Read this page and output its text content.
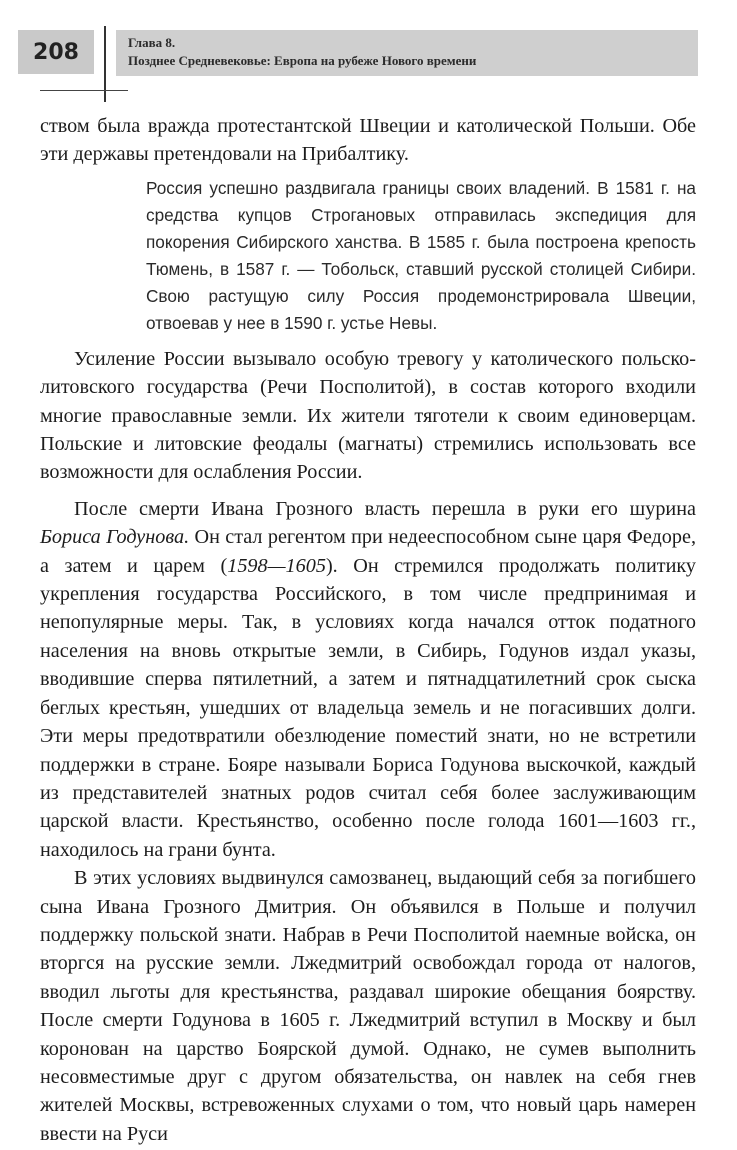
208	Глава 8.
Позднее Средневековье: Европа на рубеже Нового времени

ством была вражда протестантской Швеции и католической Польши. Обе эти державы претендовали на Прибалтику.

Россия успешно раздвигала границы своих владений. В 1581 г. на средства купцов Строгановых отправилась экспедиция для покорения Сибирского ханства. В 1585 г. была построена крепость Тюмень, в 1587 г. — Тобольск, ставший русской столицей Сибири. Свою растущую силу Россия продемонстрировала Швеции, отвоевав у нее в 1590 г. устье Невы.

Усиление России вызывало особую тревогу у католического польско-литовского государства (Речи Посполитой), в состав которого входили многие православные земли. Их жители тяготели к своим единоверцам. Польские и литовские феодалы (магнаты) стремились использовать все возможности для ослабления России.

После смерти Ивана Грозного власть перешла в руки его шурина Бориса Годунова. Он стал регентом при недееспособном сыне царя Федоре, а затем и царем (1598—1605). Он стремился продолжать политику укрепления государства Российского, в том числе предпринимая и непопулярные меры. Так, в условиях когда начался отток податного населения на вновь открытые земли, в Сибирь, Годунов издал указы, вводившие сперва пятилетний, а затем и пятнадцатилетний срок сыска беглых крестьян, ушедших от владельца земель и не погасивших долги. Эти меры предотвратили обезлюдение поместий знати, но не встретили поддержки в стране. Бояре называли Бориса Годунова выскочкой, каждый из представителей знатных родов считал себя более заслуживающим царской власти. Крестьянство, особенно после голода 1601—1603 гг., находилось на грани бунта.

В этих условиях выдвинулся самозванец, выдающий себя за погибшего сына Ивана Грозного Дмитрия. Он объявился в Польше и получил поддержку польской знати. Набрав в Речи Посполитой наемные войска, он вторгся на русские земли. Лжедмитрий освобождал города от налогов, вводил льготы для крестьянства, раздавал широкие обещания боярству. После смерти Годунова в 1605 г. Лжедмитрий вступил в Москву и был коронован на царство Боярской думой. Однако, не сумев выполнить несовместимые друг с другом обязательства, он навлек на себя гнев жителей Москвы, встревоженных слухами о том, что новый царь намерен ввести на Руси
